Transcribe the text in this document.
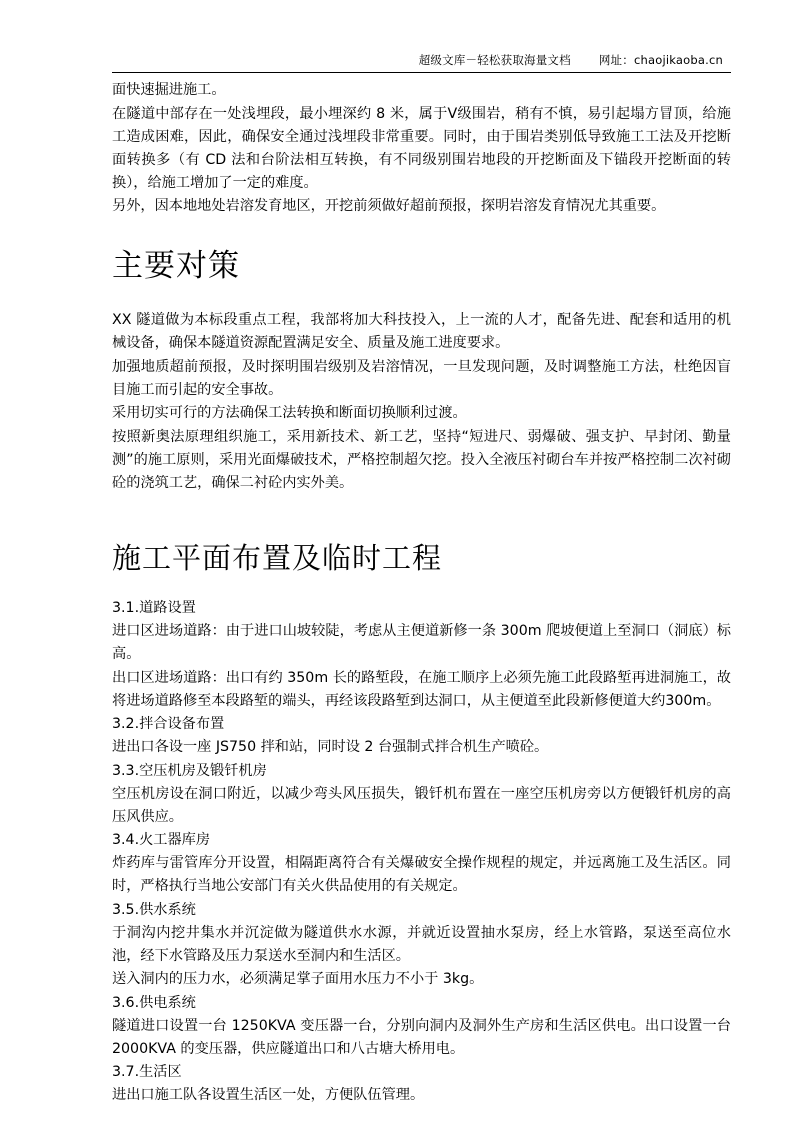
超级文库－轻松获取海量文档 网址： chaojikaoba.cn

面快速掘进施工。

在隧道中部存在一处浅埋段，最小埋深约 8 米，属于Ⅴ级围岩，稍有不慎，易引起塌方冒顶，给施工造成困难，因此，确保安全通过浅埋段非常重要。同时，由于围岩类别低导致施工工法及开挖断面转换多（有 CD 法和台阶法相互转换，有不同级别围岩地段的开挖断面及下锚段开挖断面的转换），给施工增加了一定的难度。

另外，因本地地处岩溶发育地区，开挖前须做好超前预报，探明岩溶发育情况尤其重要。

主要对策

XX 隧道做为本标段重点工程，我部将加大科技投入，上一流的人才，配备先进、配套和适用的机械设备，确保本隧道资源配置满足安全、质量及施工进度要求。

加强地质超前预报，及时探明围岩级别及岩溶情况，一旦发现问题，及时调整施工方法，杜绝因盲目施工而引起的安全事故。

采用切实可行的方法确保工法转换和断面切换顺利过渡。

按照新奥法原理组织施工，采用新技术、新工艺，坚持“短进尺、弱爆破、强支护、早封闭、勤量测”的施工原则，采用光面爆破技术，严格控制超欠挖。投入全液压衬砌台车并按严格控制二次衬砌砼的浇筑工艺，确保二衬砼内实外美。

施工平面布置及临时工程

3.1.道路设置

进口区进场道路：由于进口山坡较陡，考虑从主便道新修一条 300m 爬坡便道上至洞口（洞底）标高。

出口区进场道路：出口有约 350m 长的路堑段，在施工顺序上必须先施工此段路堑再进洞施工，故将进场道路修至本段路堑的端头，再经该段路堑到达洞口，从主便道至此段新修便道大约300m。

3.2.拌合设备布置

进出口各设一座 JS750 拌和站，同时设 2 台强制式拌合机生产喷砼。

3.3.空压机房及锻钎机房

空压机房设在洞口附近，以减少弯头风压损失，锻钎机布置在一座空压机房旁以方便锻钎机房的高压风供应。

3.4.火工器库房

炸药库与雷管库分开设置，相隔距离符合有关爆破安全操作规程的规定，并远离施工及生活区。同时，严格执行当地公安部门有关火供品使用的有关规定。

3.5.供水系统

于洞沟内挖井集水并沉淀做为隧道供水水源，并就近设置抽水泵房，经上水管路，泵送至高位水池，经下水管路及压力泵送水至洞内和生活区。

送入洞内的压力水，必须满足掌子面用水压力不小于 3kg。

3.6.供电系统

隧道进口设置一台 1250KVA 变压器一台，分别向洞内及洞外生产房和生活区供电。出口设置一台 2000KVA 的变压器，供应隧道出口和八古塘大桥用电。

3.7.生活区

进出口施工队各设置生活区一处，方便队伍管理。
